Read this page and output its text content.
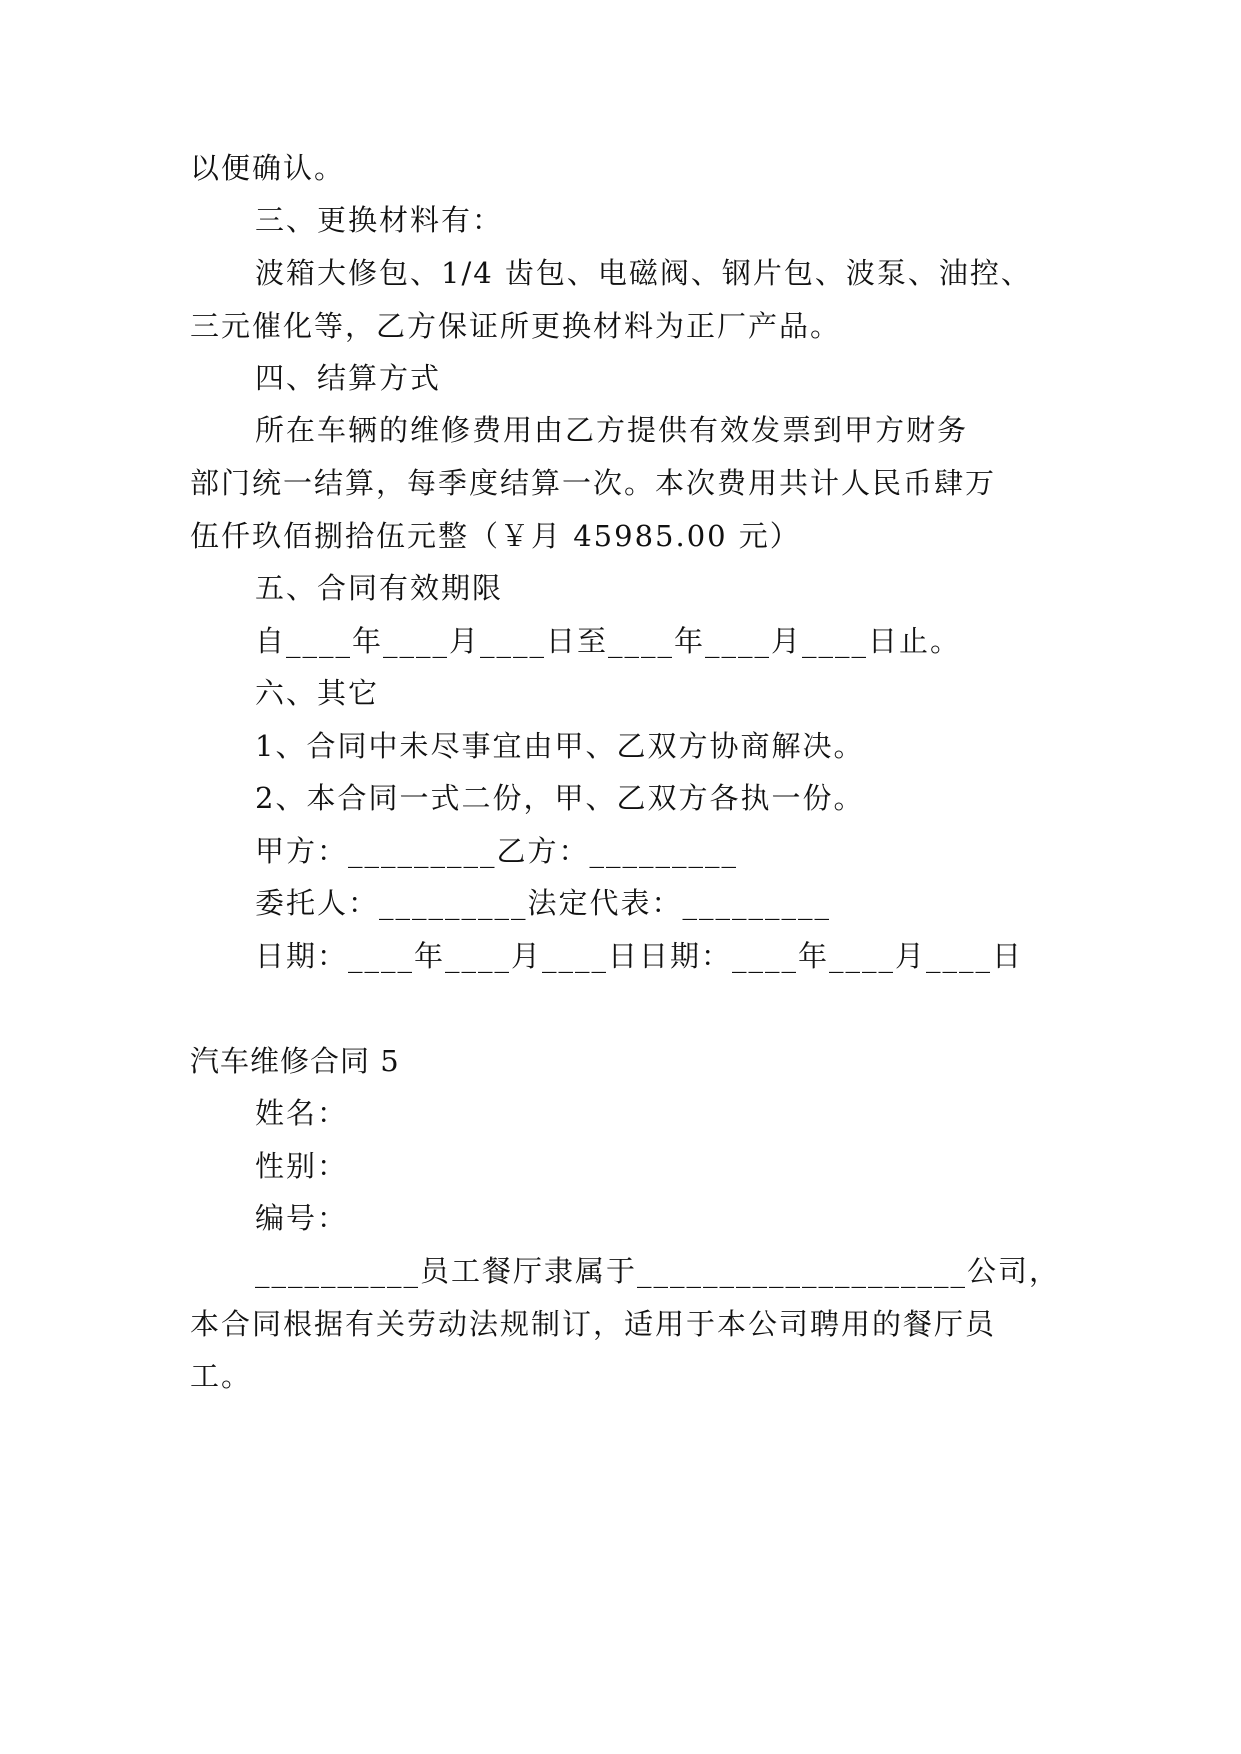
以便确认。
三、更换材料有：
波箱大修包、1/4 齿包、电磁阀、钢片包、波泵、油控、
三元催化等，乙方保证所更换材料为正厂产品。
四、结算方式
所在车辆的维修费用由乙方提供有效发票到甲方财务
部门统一结算，每季度结算一次。本次费用共计人民币肆万
伍仟玖佰捌拾伍元整（￥月 45985.00 元）
五、合同有效期限
自____年____月____日至____年____月____日止。
六、其它
1、合同中未尽事宜由甲、乙双方协商解决。
2、本合同一式二份，甲、乙双方各执一份。
甲方：_________乙方：_________
委托人：_________法定代表：_________
日期：____年____月____日日期：____年____月____日
汽车维修合同 5
姓名：
性别：
编号：
__________员工餐厅隶属于____________________公司，
本合同根据有关劳动法规制订，适用于本公司聘用的餐厅员
工。
